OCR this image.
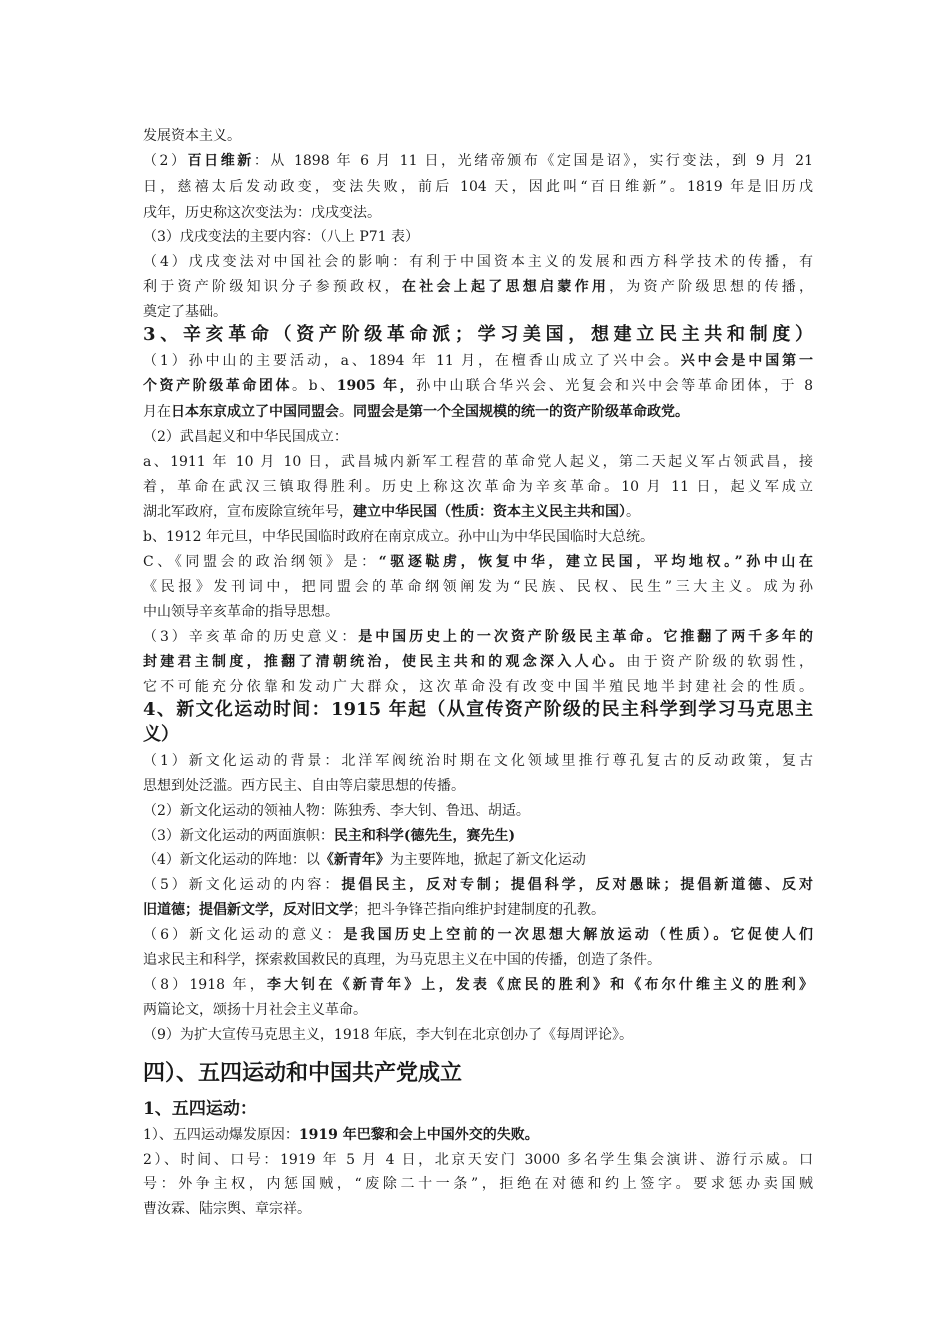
发展资本主义。

（2）百日维新：从 1898 年 6 月 11 日，光绪帝颁布《定国是诏》，实行变法，到 9 月 21

日，慈禧太后发动政变，变法失败，前后 104 天，因此叫“百日维新”。1819 年是旧历戊

戌年，历史称这次变法为：戊戌变法。

（3）戊戌变法的主要内容：（八上 P71 表）

（4）戊戌变法对中国社会的影响：有利于中国资本主义的发展和西方科学技术的传播，有

利于资产阶级知识分子参预政权，在社会上起了思想启蒙作用，为资产阶级思想的传播，

奠定了基础。

3、辛亥革命（资产阶级革命派；学习美国，想建立民主共和制度）

（1）孙中山的主要活动，a、1894 年 11 月，在檀香山成立了兴中会。兴中会是中国第一

个资产阶级革命团体。b、1905 年，孙中山联合华兴会、光复会和兴中会等革命团体，于 8

月在日本东京成立了中国同盟会。同盟会是第一个全国规模的统一的资产阶级革命政党。

（2）武昌起义和中华民国成立：

a、1911 年 10 月 10 日，武昌城内新军工程营的革命党人起义，第二天起义军占领武昌，接

着，革命在武汉三镇取得胜利。历史上称这次革命为辛亥革命。10 月 11 日，起义军成立

湖北军政府，宣布废除宣统年号，建立中华民国（性质：资本主义民主共和国）。

b、1912 年元旦，中华民国临时政府在南京成立。孙中山为中华民国临时大总统。

C、《同盟会的政治纲领》是：“驱逐鞑虏，恢复中华，建立民国，平均地权。”孙中山在

《民报》发刊词中，把同盟会的革命纲领阐发为“民族、民权、民生”三大主义。成为孙

中山领导辛亥革命的指导思想。

（3）辛亥革命的历史意义：是中国历史上的一次资产阶级民主革命。它推翻了两千多年的

封建君主制度，推翻了清朝统治，使民主共和的观念深入人心。由于资产阶级的软弱性，

它不可能充分依靠和发动广大群众，这次革命没有改变中国半殖民地半封建社会的性质。

4、新文化运动时间：1915 年起（从宣传资产阶级的民主科学到学习马克思主
义）

（1）新文化运动的背景：北洋军阀统治时期在文化领域里推行尊孔复古的反动政策，复古

思想到处泛滥。西方民主、自由等启蒙思想的传播。

（2）新文化运动的领袖人物：陈独秀、李大钊、鲁迅、胡适。

（3）新文化运动的两面旗帜：民主和科学(德先生，赛先生)

（4）新文化运动的阵地：以《新青年》为主要阵地，掀起了新文化运动

（5）新文化运动的内容：提倡民主，反对专制；提倡科学，反对愚昧；提倡新道德、反对

旧道德；提倡新文学，反对旧文学；把斗争锋芒指向维护封建制度的孔教。

（6）新文化运动的意义：是我国历史上空前的一次思想大解放运动（性质）。它促使人们

追求民主和科学，探索救国救民的真理，为马克思主义在中国的传播，创造了条件。

（8）1918 年，李大钊在《新青年》上，发表《庶民的胜利》和《布尔什维主义的胜利》

两篇论文，颂扬十月社会主义革命。

（9）为扩大宣传马克思主义，1918 年底，李大钊在北京创办了《每周评论》。

四）、五四运动和中国共产党成立
1、五四运动：

1）、五四运动爆发原因：1919 年巴黎和会上中国外交的失败。

2）、时间、口号：1919 年 5 月 4 日，北京天安门 3000 多名学生集会演讲、游行示威。口

号：外争主权，内惩国贼，“废除二十一条”，拒绝在对德和约上签字。要求惩办卖国贼

曹汝霖、陆宗舆、章宗祥。
